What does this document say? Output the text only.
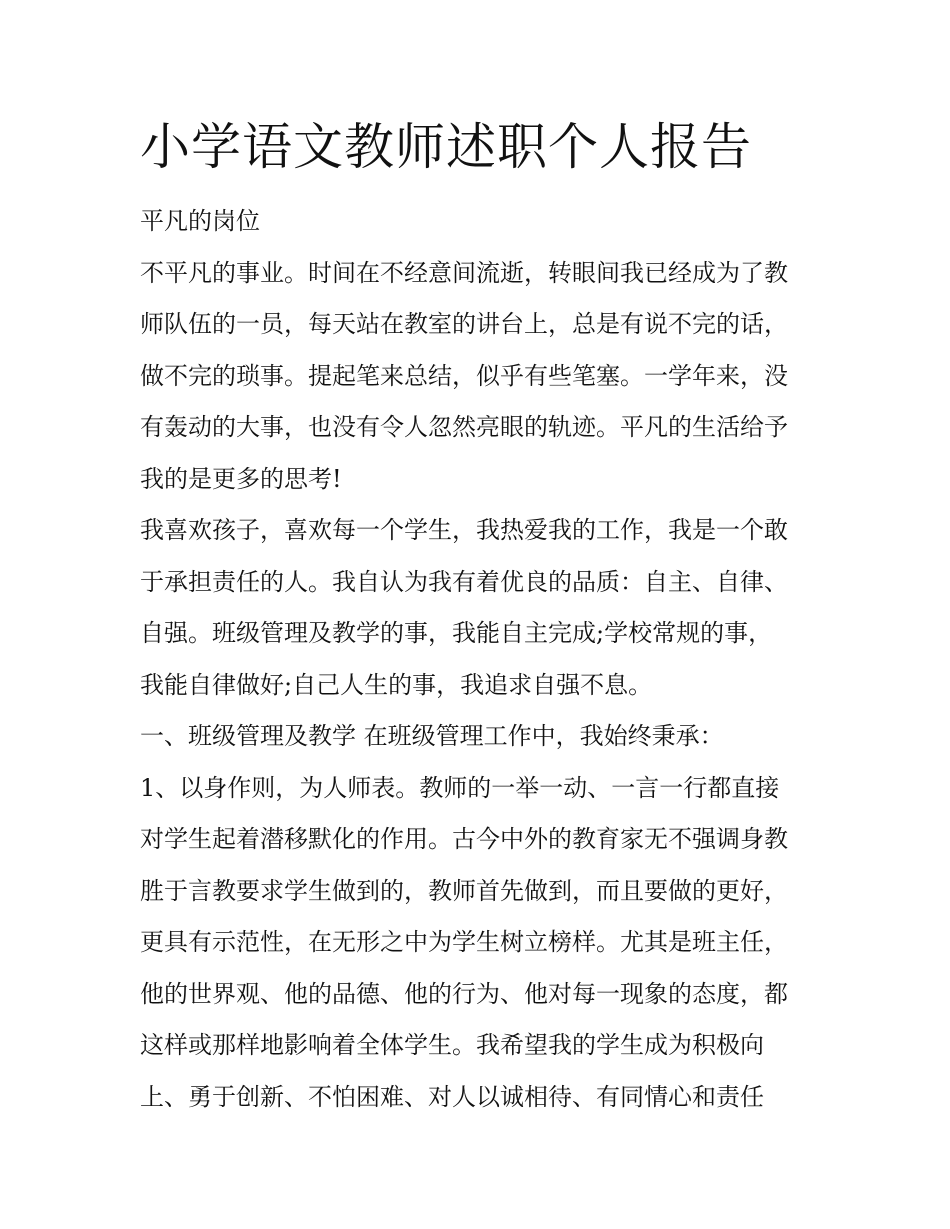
小学语文教师述职个人报告
平凡的岗位
不平凡的事业。时间在不经意间流逝，转眼间我已经成为了教
师队伍的一员，每天站在教室的讲台上，总是有说不完的话，
做不完的琐事。提起笔来总结，似乎有些笔塞。一学年来，没
有轰动的大事，也没有令人忽然亮眼的轨迹。平凡的生活给予
我的是更多的思考!
我喜欢孩子，喜欢每一个学生，我热爱我的工作，我是一个敢
于承担责任的人。我自认为我有着优良的品质：自主、自律、
自强。班级管理及教学的事，我能自主完成;学校常规的事，
我能自律做好;自己人生的事，我追求自强不息。
一、班级管理及教学 在班级管理工作中，我始终秉承：
1、以身作则，为人师表。教师的一举一动、一言一行都直接
对学生起着潜移默化的作用。古今中外的教育家无不强调身教
胜于言教要求学生做到的，教师首先做到，而且要做的更好，
更具有示范性，在无形之中为学生树立榜样。尤其是班主任，
他的世界观、他的品德、他的行为、他对每一现象的态度，都
这样或那样地影响着全体学生。我希望我的学生成为积极向
上、勇于创新、不怕困难、对人以诚相待、有同情心和责任
